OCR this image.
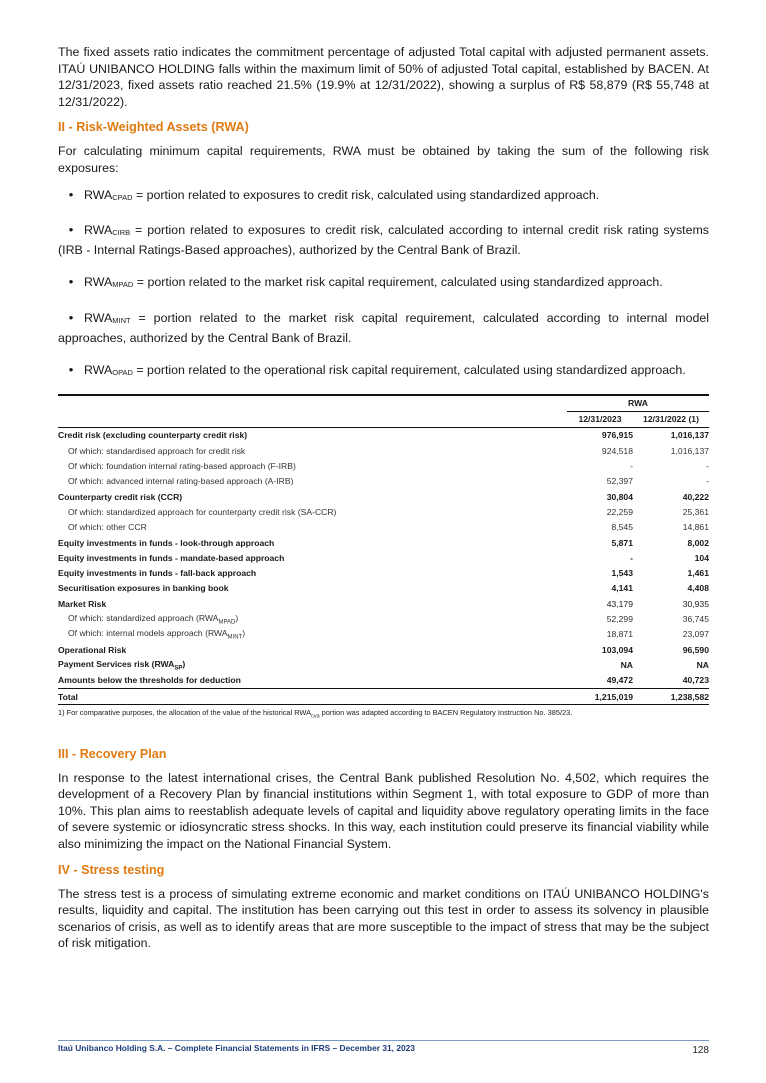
The fixed assets ratio indicates the commitment percentage of adjusted Total capital with adjusted permanent assets. ITAÚ UNIBANCO HOLDING falls within the maximum limit of 50% of adjusted Total capital, established by BACEN. At 12/31/2023, fixed assets ratio reached 21.5% (19.9% at 12/31/2022), showing a surplus of R$ 58,879 (R$ 55,748 at 12/31/2022).

II - Risk-Weighted Assets (RWA)

For calculating minimum capital requirements, RWA must be obtained by taking the sum of the following risk exposures:

• $RWA_{CPAD}$ = portion related to exposures to credit risk, calculated using standardized approach.
• $RWA_{CIRB}$ = portion related to exposures to credit risk, calculated according to internal credit risk rating systems (IRB - Internal Ratings-Based approaches), authorized by the Central Bank of Brazil.
• $RWA_{MPAD}$ = portion related to the market risk capital requirement, calculated using standardized approach.
• $RWA_{MINT}$ = portion related to the market risk capital requirement, calculated according to internal model approaches, authorized by the Central Bank of Brazil.
• $RWA_{OPAD}$ = portion related to the operational risk capital requirement, calculated using standardized approach.
	RWA	
	12/31/2023	12/31/2022 (1)
Credit risk (excluding counterparty credit risk)	976,915	1,016,137
Of which: standardised approach for credit risk	924,518	1,016,137
Of which: foundation internal rating-based approach (F-IRB)	-	-
Of which: advanced internal rating-based approach (A-IRB)	52,397	-
Counterparty credit risk (CCR)	30,804	40,222
Of which: standardized approach for counterparty credit risk (SA-CCR)	22,259	25,361
Of which: other CCR	8,545	14,861
Equity investments in funds - look-through approach	5,871	8,002
Equity investments in funds - mandate-based approach	-	104
Equity investments in funds - fall-back approach	1,543	1,461
Securitisation exposures in banking book	4,141	4,408
Market Risk	43,179	30,935
Of which: standardized approach $(RWA_{MPAD})$	52,299	36,745
Of which: internal models approach $(RWA_{MINT})$	18,871	23,097
Operational Risk	103,094	96,590
Payment Services risk $(RWA_{SP})$	NA	NA
Amounts below the thresholds for deduction	49,472	40,723
Total	1,215,019	1,238,582
1) For comparative purposes, the allocation of the value of the historical $RWA_{cva}$ portion was adapted according to BACEN Regulatory Instruction No. 385/23.
III - Recovery Plan

In response to the latest international crises, the Central Bank published Resolution No. 4,502, which requires the development of a Recovery Plan by financial institutions within Segment 1, with total exposure to GDP of more than 10%. This plan aims to reestablish adequate levels of capital and liquidity above regulatory operating limits in the face of severe systemic or idiosyncratic stress shocks. In this way, each institution could preserve its financial viability while also minimizing the impact on the National Financial System.

IV - Stress testing

The stress test is a process of simulating extreme economic and market conditions on ITAÚ UNIBANCO HOLDING's results, liquidity and capital. The institution has been carrying out this test in order to assess its solvency in plausible scenarios of crisis, as well as to identify areas that are more susceptible to the impact of stress that may be the subject of risk mitigation.

Itaú Unibanco Holding S.A. – Complete Financial Statements in IFRS – December 31, 2023	128
